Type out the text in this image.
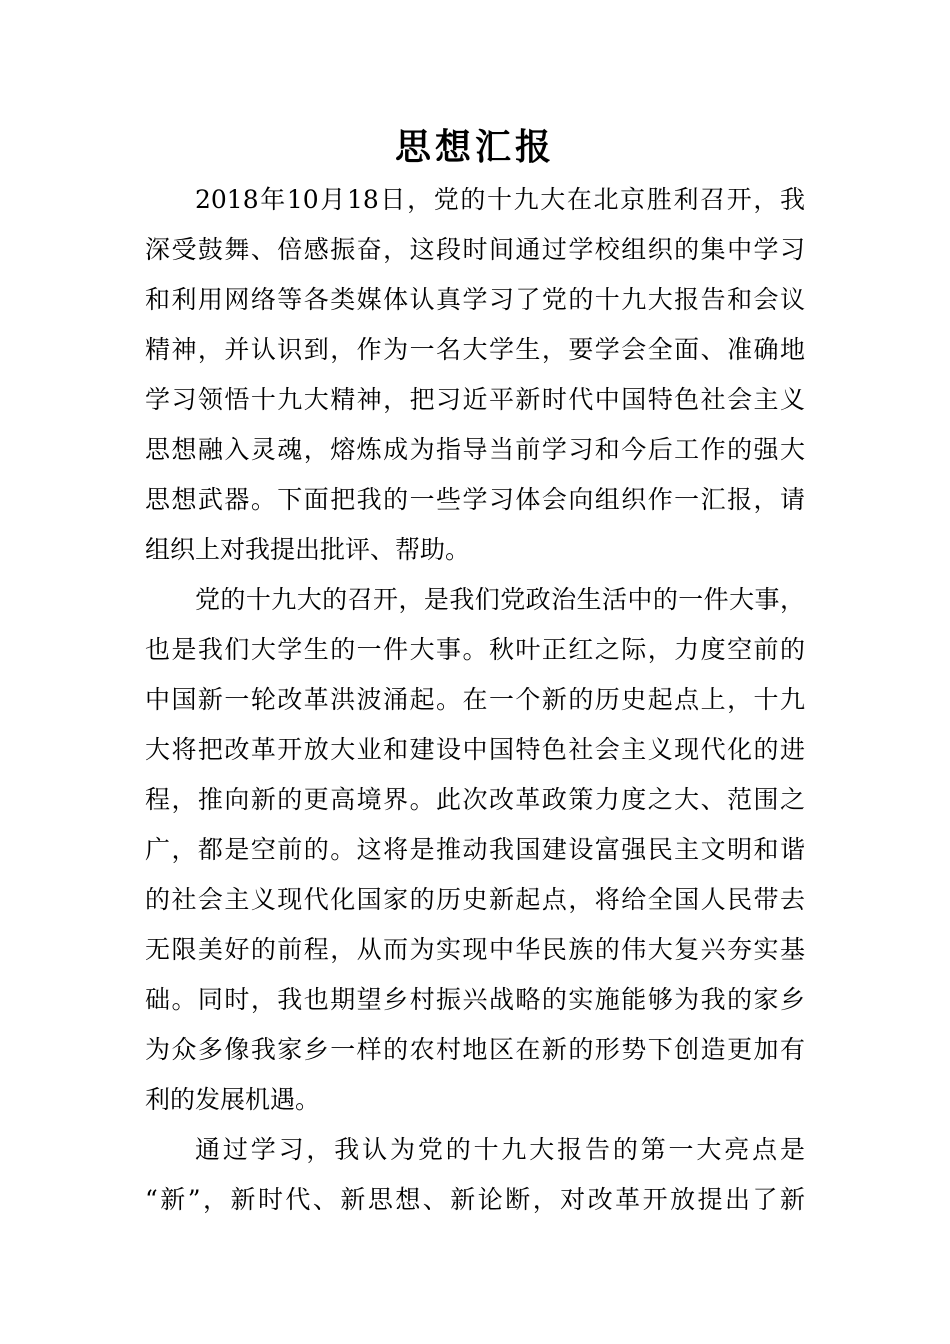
思想汇报

2018年10月18日，党的十九大在北京胜利召开，我

深受鼓舞、倍感振奋，这段时间通过学校组织的集中学习

和利用网络等各类媒体认真学习了党的十九大报告和会议

精神，并认识到，作为一名大学生，要学会全面、准确地

学习领悟十九大精神，把习近平新时代中国特色社会主义

思想融入灵魂，熔炼成为指导当前学习和今后工作的强大

思想武器。下面把我的一些学习体会向组织作一汇报，请

组织上对我提出批评、帮助。

党的十九大的召开，是我们党政治生活中的一件大事，

也是我们大学生的一件大事。秋叶正红之际，力度空前的

中国新一轮改革洪波涌起。在一个新的历史起点上，十九

大将把改革开放大业和建设中国特色社会主义现代化的进

程，推向新的更高境界。此次改革政策力度之大、范围之

广，都是空前的。这将是推动我国建设富强民主文明和谐

的社会主义现代化国家的历史新起点，将给全国人民带去

无限美好的前程，从而为实现中华民族的伟大复兴夯实基

础。同时，我也期望乡村振兴战略的实施能够为我的家乡

为众多像我家乡一样的农村地区在新的形势下创造更加有

利的发展机遇。

通过学习，我认为党的十九大报告的第一大亮点是

“新”，新时代、新思想、新论断，对改革开放提出了新
